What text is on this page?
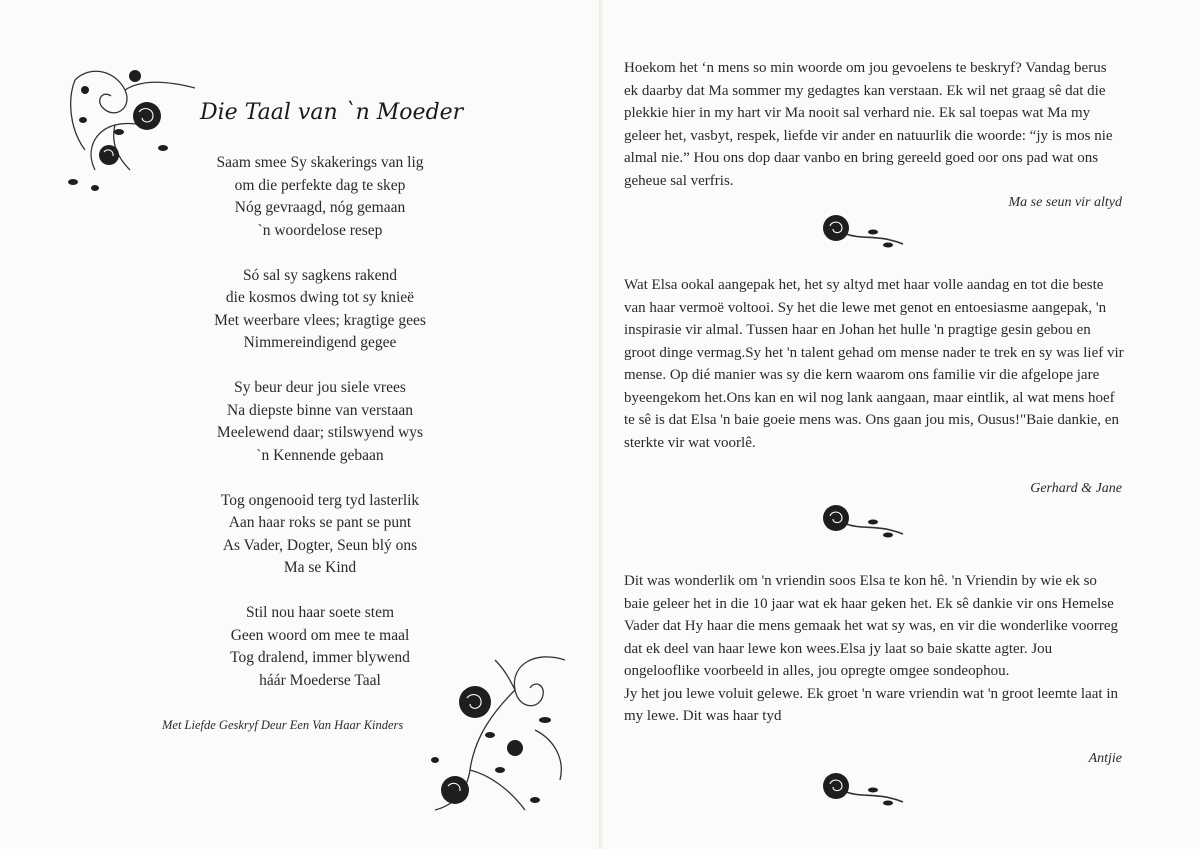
Die Taal van `n Moeder
Saam smee Sy skakerings van lig
om die perfekte dag te skep
Nóg gevraagd, nóg gemaan
`n woordelose resep
Só sal sy sagkens rakend
die kosmos dwing tot sy knieë
Met weerbare vlees; kragtige gees
Nimmereindigend gegee
Sy beur deur jou siele vrees
Na diepste binne van verstaan
Meelewend daar; stilswyend wys
`n Kennende gebaan
Tog ongenooid terg tyd lasterlik
Aan haar roks se pant se punt
As Vader, Dogter, Seun blý ons
Ma se Kind
Stil nou haar soete stem
Geen woord om mee te maal
Tog dralend, immer blywend
háár Moederse Taal
Met Liefde Geskryf Deur Een Van Haar Kinders

Hoekom het ‘n mens so min woorde om jou gevoelens te beskryf? Vandag berus ek daarby dat Ma sommer my gedagtes kan verstaan. Ek wil net graag sê dat die plekkie hier in my hart vir Ma nooit sal verhard nie. Ek sal toepas wat Ma my geleer het, vasbyt, respek, liefde vir ander en natuurlik die woorde: “jy is mos nie almal nie.” Hou ons dop daar vanbo en bring gereeld goed oor ons pad wat ons geheue sal verfris.

Ma se seun vir altyd

Wat Elsa ookal aangepak het, het sy altyd met haar volle aandag en tot die beste van haar vermoë voltooi. Sy het die lewe met genot en entoesiasme aangepak, 'n inspirasie vir almal. Tussen haar en Johan het hulle 'n pragtige gesin gebou en groot dinge vermag.Sy het 'n talent gehad om mense nader te trek en sy was lief vir mense. Op dié manier was sy die kern waarom ons familie vir die afgelope jare byeengekom het.Ons kan en wil nog lank aangaan, maar eintlik, al wat mens hoef te sê is dat Elsa 'n baie goeie mens was. Ons gaan jou mis, Ousus!"Baie dankie, en sterkte vir wat voorlê.

Gerhard & Jane

Dit was wonderlik om 'n vriendin soos Elsa te kon hê. 'n Vriendin by wie ek so baie geleer het in die 10 jaar wat ek haar geken het. Ek sê dankie vir ons Hemelse Vader dat Hy haar die mens gemaak het wat sy was, en vir die wonderlike voorreg dat ek deel van haar lewe kon wees.Elsa jy laat so baie skatte agter. Jou ongelooflike voorbeeld in alles, jou opregte omgee sondeophou.

Jy het jou lewe voluit gelewe. Ek groet 'n ware vriendin wat 'n groot leemte laat in my lewe. Dit was haar tyd

Antjie
